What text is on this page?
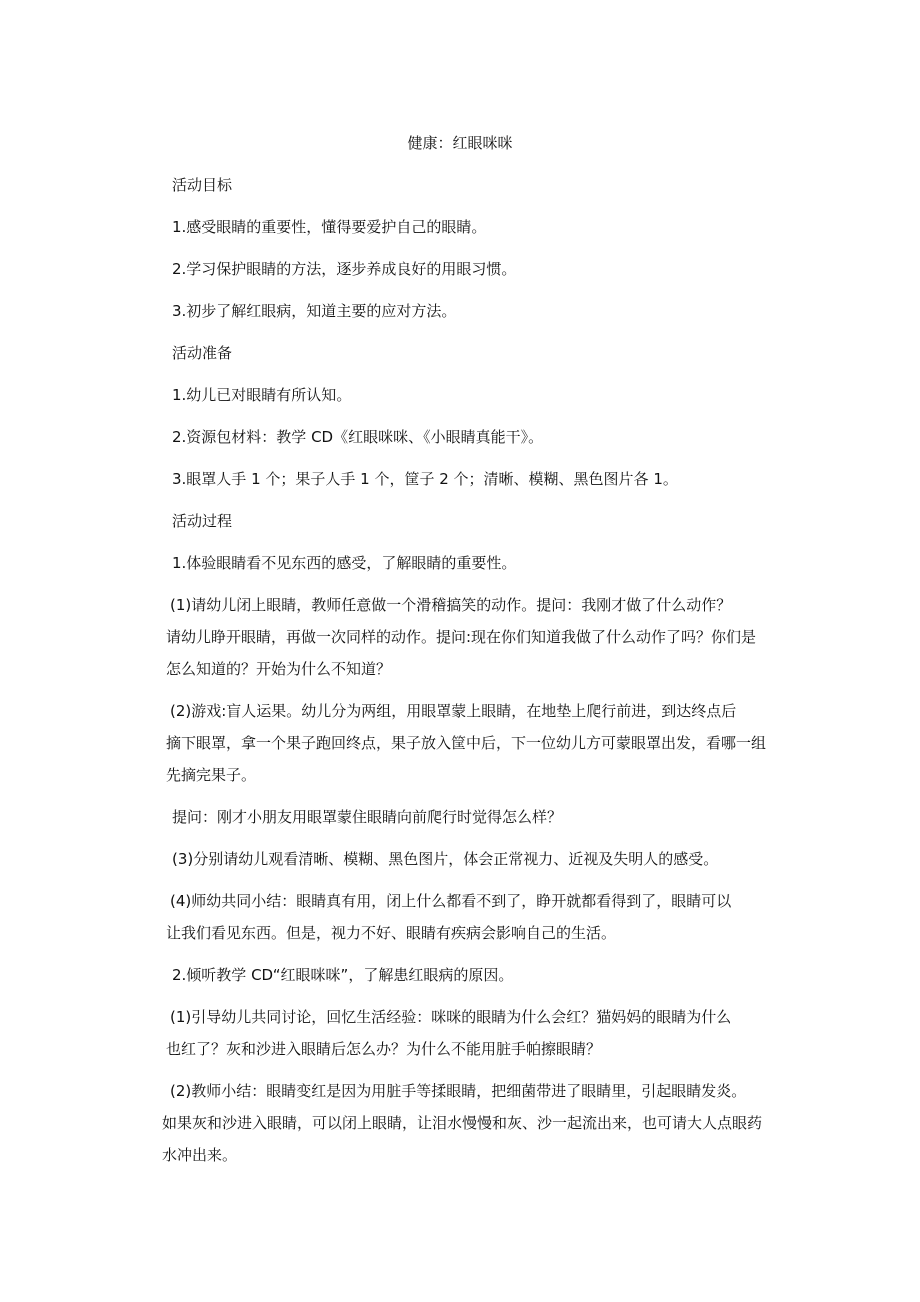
健康：红眼咪咪

活动目标

1.感受眼睛的重要性，懂得要爱护自己的眼睛。

2.学习保护眼睛的方法，逐步养成良好的用眼习惯。

3.初步了解红眼病，知道主要的应对方法。

活动准备

1.幼儿已对眼睛有所认知。

2.资源包材料：教学 CD《红眼咪咪、《小眼睛真能干》。

3.眼罩人手 1 个；果子人手 1 个，筐子 2 个；清晰、模糊、黑色图片各 1。

活动过程

1.体验眼睛看不见东西的感受，了解眼睛的重要性。

(1)请幼儿闭上眼睛，教师任意做一个滑稽搞笑的动作。提问：我刚才做了什么动作？
请幼儿睁开眼睛，再做一次同样的动作。提问:现在你们知道我做了什么动作了吗？你们是
怎么知道的？开始为什么不知道？
(2)游戏:盲人运果。幼儿分为两组，用眼罩蒙上眼睛，在地垫上爬行前进，到达终点后
摘下眼罩，拿一个果子跑回终点，果子放入筐中后，下一位幼儿方可蒙眼罩出发，看哪一组
先摘完果子。

提问：刚才小朋友用眼罩蒙住眼睛向前爬行时觉得怎么样？

(3)分别请幼儿观看清晰、模糊、黑色图片，体会正常视力、近视及失明人的感受。

(4)师幼共同小结：眼睛真有用，闭上什么都看不到了，睁开就都看得到了，眼睛可以
让我们看见东西。但是，视力不好、眼睛有疾病会影响自己的生活。

2.倾听教学 CD“红眼咪咪”，了解患红眼病的原因。

(1)引导幼儿共同讨论，回忆生活经验：咪咪的眼睛为什么会红？猫妈妈的眼睛为什么
也红了？灰和沙进入眼睛后怎么办？为什么不能用脏手帕擦眼睛？
(2)教师小结：眼睛变红是因为用脏手等揉眼睛，把细菌带进了眼睛里，引起眼睛发炎。
如果灰和沙进入眼睛，可以闭上眼睛，让泪水慢慢和灰、沙一起流出来，也可请大人点眼药
水冲出来。
